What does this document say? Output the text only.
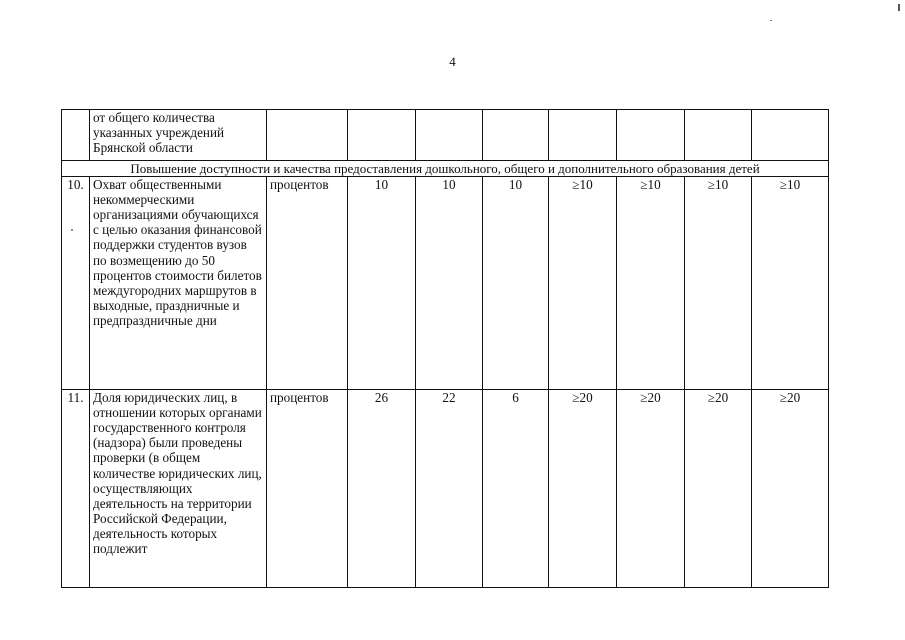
4
	от общего количества указанных учреждений Брянской области								
Повышение доступности и качества предоставления дошкольного, общего и дополнительного образования детей									
10.	Охват общественными некоммерческими организациями обучающихся с целью оказания финансовой поддержки студентов вузов по возмещению до 50 процентов стоимости билетов междугородних маршрутов в выходные, праздничные и предпраздничные дни	процентов	10	10	10	≥10	≥10	≥10	≥10
11.	Доля юридических лиц, в отношении которых органами государственного контроля (надзора) были проведены проверки (в общем количестве юридических лиц, осуществляющих деятельность на территории Российской Федерации, деятельность которых подлежит	процентов	26	22	6	≥20	≥20	≥20	≥20
